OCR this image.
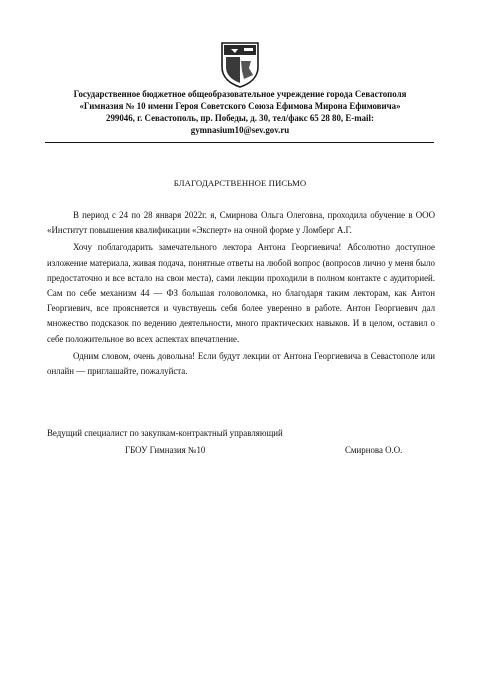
Государственное бюджетное общеобразовательное учреждение города Севастополя
«Гимназия № 10 имени Героя Советского Союза Ефимова Мирона Ефимовича»
299046, г. Севастополь, пр. Победы, д. 30, тел/факс 65 28 80, E-mail:
gymnasium10@sev.gov.ru
БЛАГОДАРСТВЕННОЕ ПИСЬМО

В период с 24 по 28 января 2022г. я, Смирнова Ольга Олеговна, проходила обучение в ООО «Институт повышения квалификации «Эксперт» на очной форме у Ломберг А.Г.

Хочу поблагодарить замечательного лектора Антона Георгиевича! Абсолютно доступное изложение материала, живая подача, понятные ответы на любой вопрос (вопросов лично у меня было предостаточно и все встало на свои места), сами лекции проходили в полном контакте с аудиторией. Сам по себе механизм 44 — ФЗ большая головоломка, но благодаря таким лекторам, как Антон Георгиевич, все проясняется и чувствуешь себя более уверенно в работе. Антон Георгиевич дал множество подсказок по ведению деятельности, много практических навыков. И в целом, оставил о себе положительное во всех аспектах впечатление.

Одним словом, очень довольна! Если будут лекции от Антона Георгиевича в Севастополе или онлайн — приглашайте, пожалуйста.

Ведущий специалист по закупкам-контрактный управляющий
ГБОУ Гимназия №10	Смирнова О.О.
